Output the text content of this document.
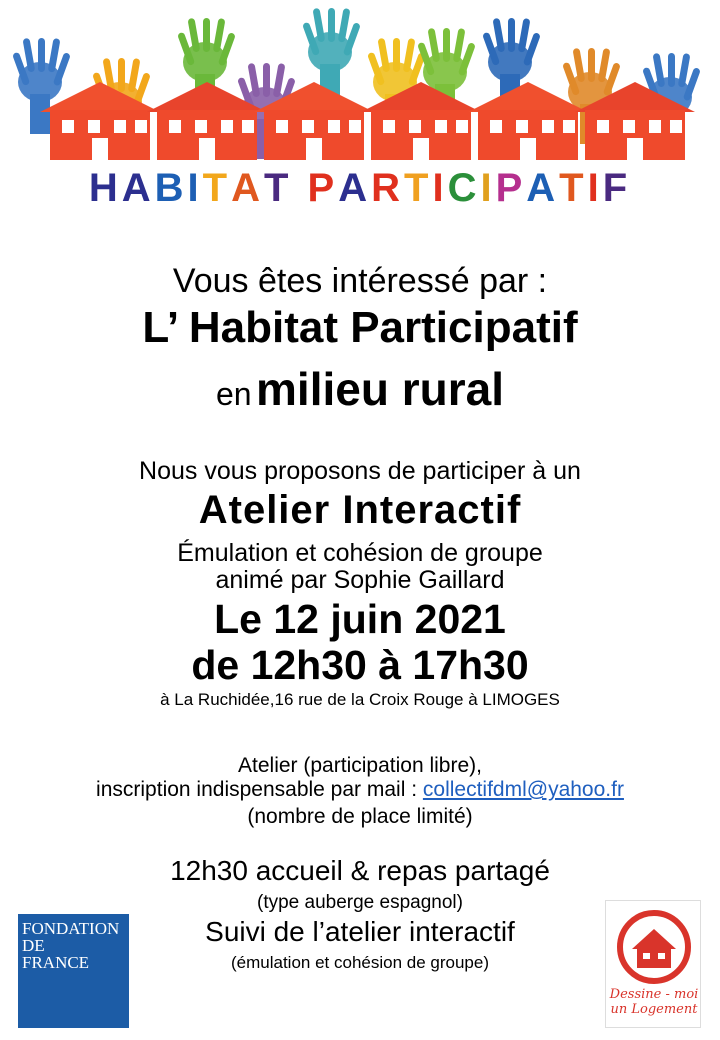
HABITAT PARTICIPATIF
Vous êtes intéressé par :
L’ Habitat Participatif
en milieu rural
Nous vous proposons de participer à un
Atelier Interactif
Émulation et cohésion de groupe
animé par Sophie Gaillard
Le 12 juin 2021
de 12h30 à 17h30
à La Ruchidée,16 rue de la Croix Rouge à LIMOGES
Atelier (participation libre),
inscription indispensable par mail : collectifdml@yahoo.fr
(nombre de place limité)
12h30 accueil & repas partagé
(type auberge espagnol)
Suivi de l’atelier interactif
(émulation et cohésion de groupe)
FONDATION
DE
FRANCE
Dessine - moi
un Logement
